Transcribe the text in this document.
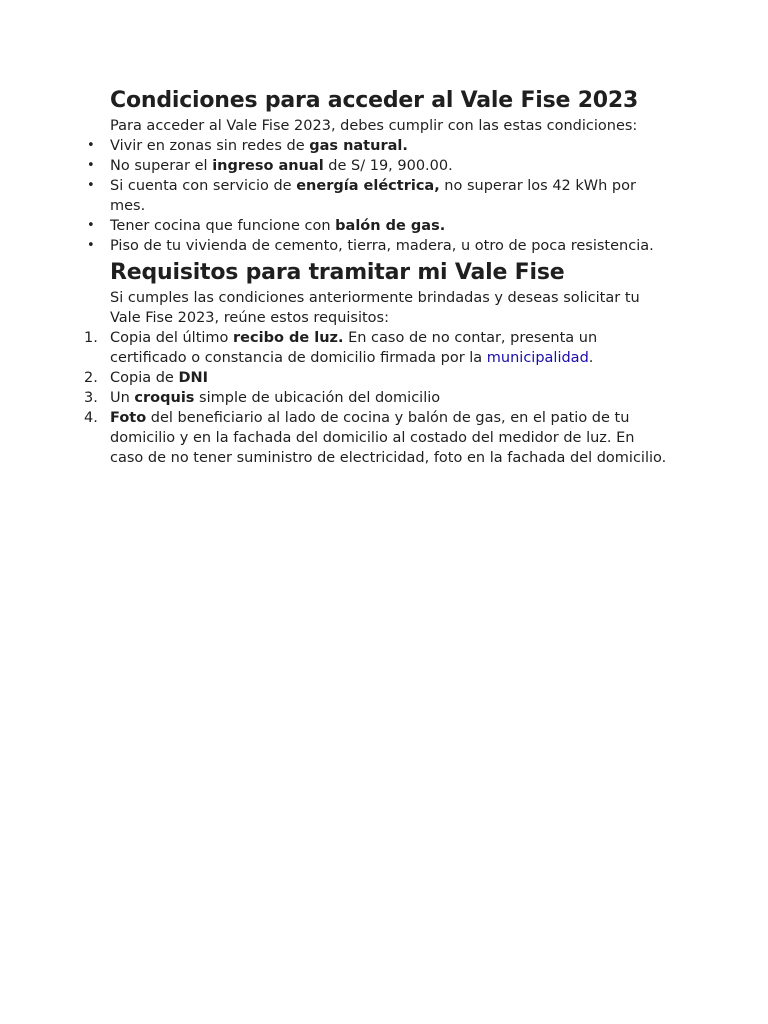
Condiciones para acceder al Vale Fise 2023

Para acceder al Vale Fise 2023, debes cumplir con las estas condiciones:

• Vivir en zonas sin redes de gas natural.
• No superar el ingreso anual de S/ 19, 900.00.
• Si cuenta con servicio de energía eléctrica, no superar los 42 kWh por mes.
• Tener cocina que funcione con balón de gas.
• Piso de tu vivienda de cemento, tierra, madera, u otro de poca resistencia.
Requisitos para tramitar mi Vale Fise

Si cumples las condiciones anteriormente brindadas y deseas solicitar tu Vale Fise 2023, reúne estos requisitos:

1. Copia del último recibo de luz. En caso de no contar, presenta un certificado o constancia de domicilio firmada por la municipalidad.
2. Copia de DNI
3. Un croquis simple de ubicación del domicilio
4. Foto del beneficiario al lado de cocina y balón de gas, en el patio de tu domicilio y en la fachada del domicilio al costado del medidor de luz. En caso de no tener suministro de electricidad, foto en la fachada del domicilio.
